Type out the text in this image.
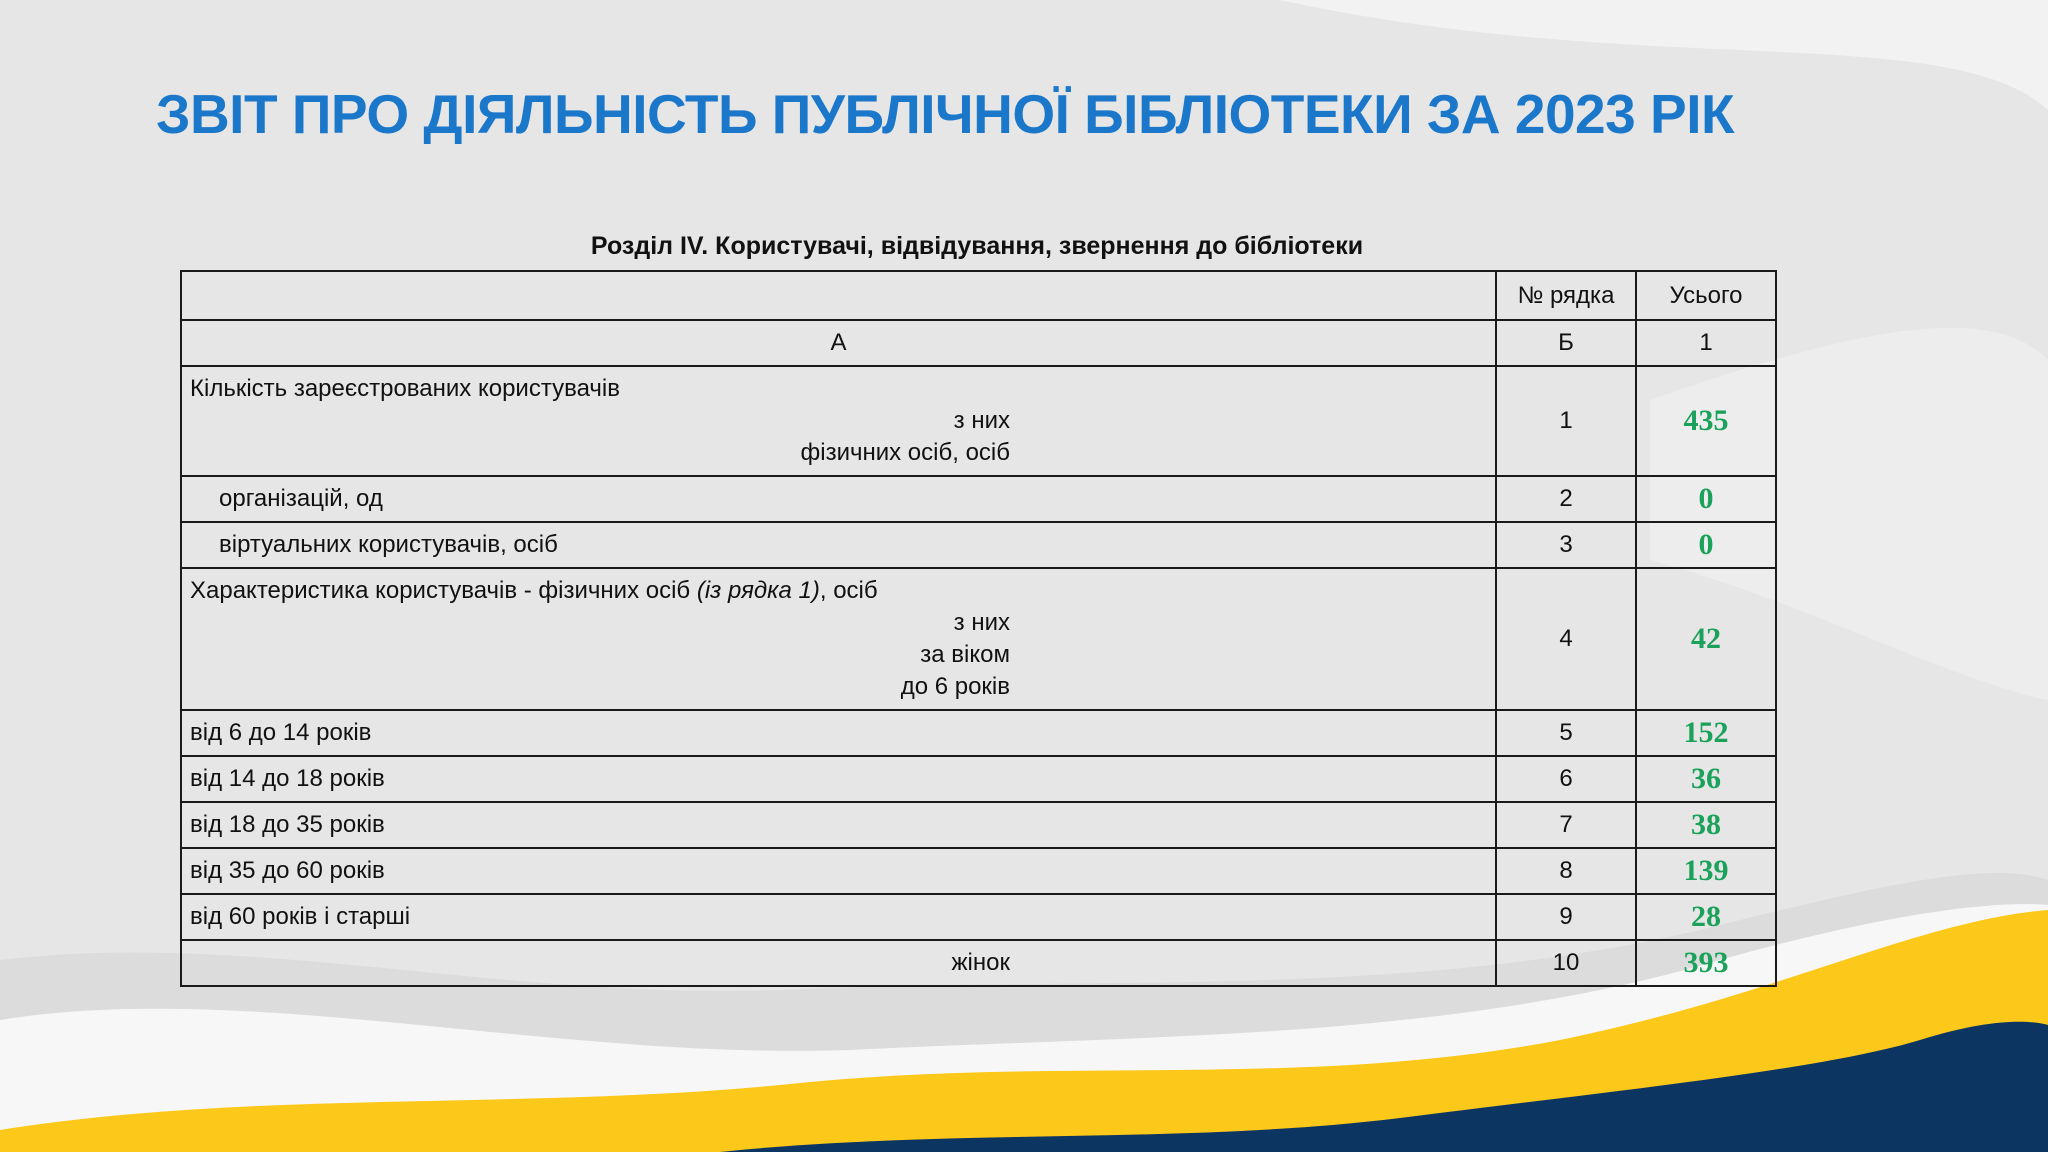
ЗВІТ ПРО ДІЯЛЬНІСТЬ ПУБЛІЧНОЇ БІБЛІОТЕКИ ЗА 2023 РІК
Розділ IV. Користувачі, відвідування, звернення до бібліотеки
	№ рядка	Усього
А	Б	1

Кількість зареєстрованих користувачів
з них
фізичних осіб, осіб	1	435
організацій, од	2	0
віртуальних користувачів, осіб	3	0

Характеристика користувачів - фізичних осіб (із рядка 1), осіб
з них
за віком
до 6 років	4	42
від 6 до 14 років	5	152
від 14 до 18 років	6	36
від 18 до 35 років	7	38
від 35 до 60 років	8	139
від 60 років і старші	9	28

жінок	10	393
